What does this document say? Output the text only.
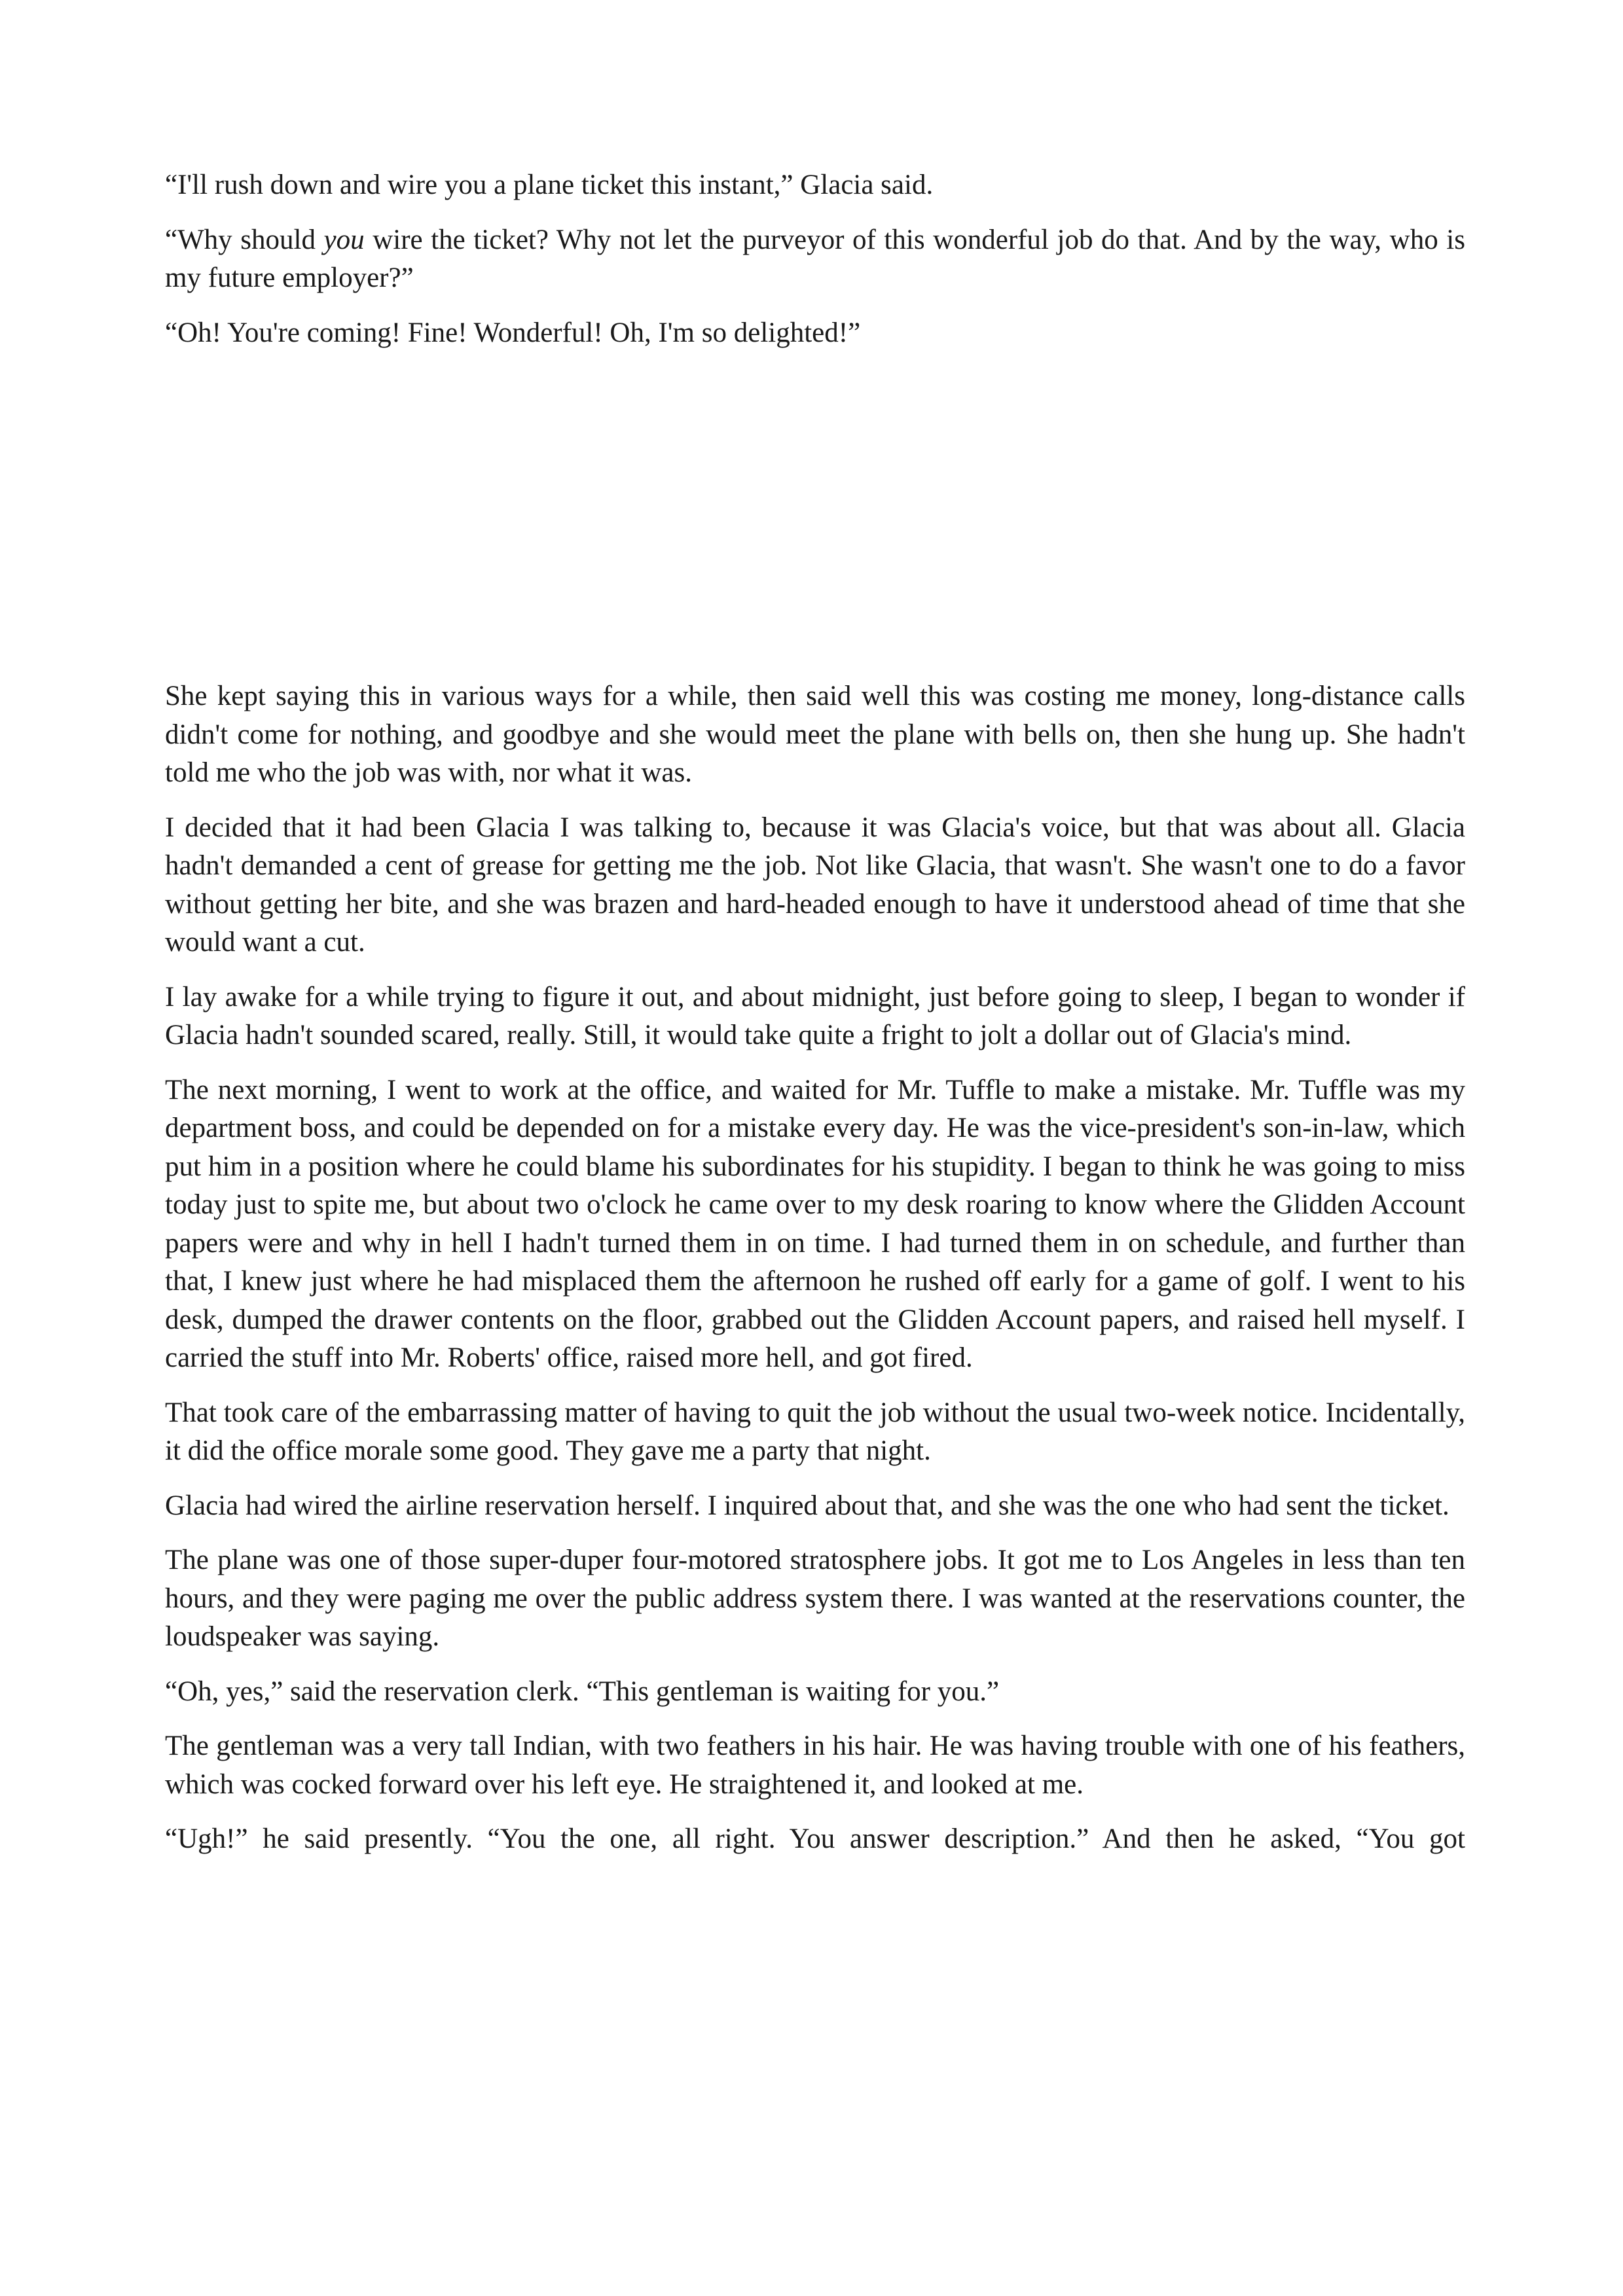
“I'll rush down and wire you a plane ticket this instant,” Glacia said.

“Why should you wire the ticket? Why not let the purveyor of this wonderful job do that. And by the way, who is my future employer?”

“Oh! You're coming! Fine! Wonderful! Oh, I'm so delighted!”

She kept saying this in various ways for a while, then said well this was costing me money, long-distance calls didn't come for nothing, and goodbye and she would meet the plane with bells on, then she hung up. She hadn't told me who the job was with, nor what it was.

I decided that it had been Glacia I was talking to, because it was Glacia's voice, but that was about all. Glacia hadn't demanded a cent of grease for getting me the job. Not like Glacia, that wasn't. She wasn't one to do a favor without getting her bite, and she was brazen and hard-headed enough to have it understood ahead of time that she would want a cut.

I lay awake for a while trying to figure it out, and about midnight, just before going to sleep, I began to wonder if Glacia hadn't sounded scared, really. Still, it would take quite a fright to jolt a dollar out of Glacia's mind.

The next morning, I went to work at the office, and waited for Mr. Tuffle to make a mistake. Mr. Tuffle was my department boss, and could be depended on for a mistake every day. He was the vice-president's son-in-law, which put him in a position where he could blame his subordinates for his stupidity. I began to think he was going to miss today just to spite me, but about two o'clock he came over to my desk roaring to know where the Glidden Account papers were and why in hell I hadn't turned them in on time. I had turned them in on schedule, and further than that, I knew just where he had misplaced them the afternoon he rushed off early for a game of golf. I went to his desk, dumped the drawer contents on the floor, grabbed out the Glidden Account papers, and raised hell myself. I carried the stuff into Mr. Roberts' office, raised more hell, and got fired.

That took care of the embarrassing matter of having to quit the job without the usual two-week notice. Incidentally, it did the office morale some good. They gave me a party that night.

Glacia had wired the airline reservation herself. I inquired about that, and she was the one who had sent the ticket.

The plane was one of those super-duper four-motored stratosphere jobs. It got me to Los Angeles in less than ten hours, and they were paging me over the public address system there. I was wanted at the reservations counter, the loudspeaker was saying.

“Oh, yes,” said the reservation clerk. “This gentleman is waiting for you.”

The gentleman was a very tall Indian, with two feathers in his hair. He was having trouble with one of his feathers, which was cocked forward over his left eye. He straightened it, and looked at me.

“Ugh!” he said presently. “You the one, all right. You answer description.” And then he asked, “You got
